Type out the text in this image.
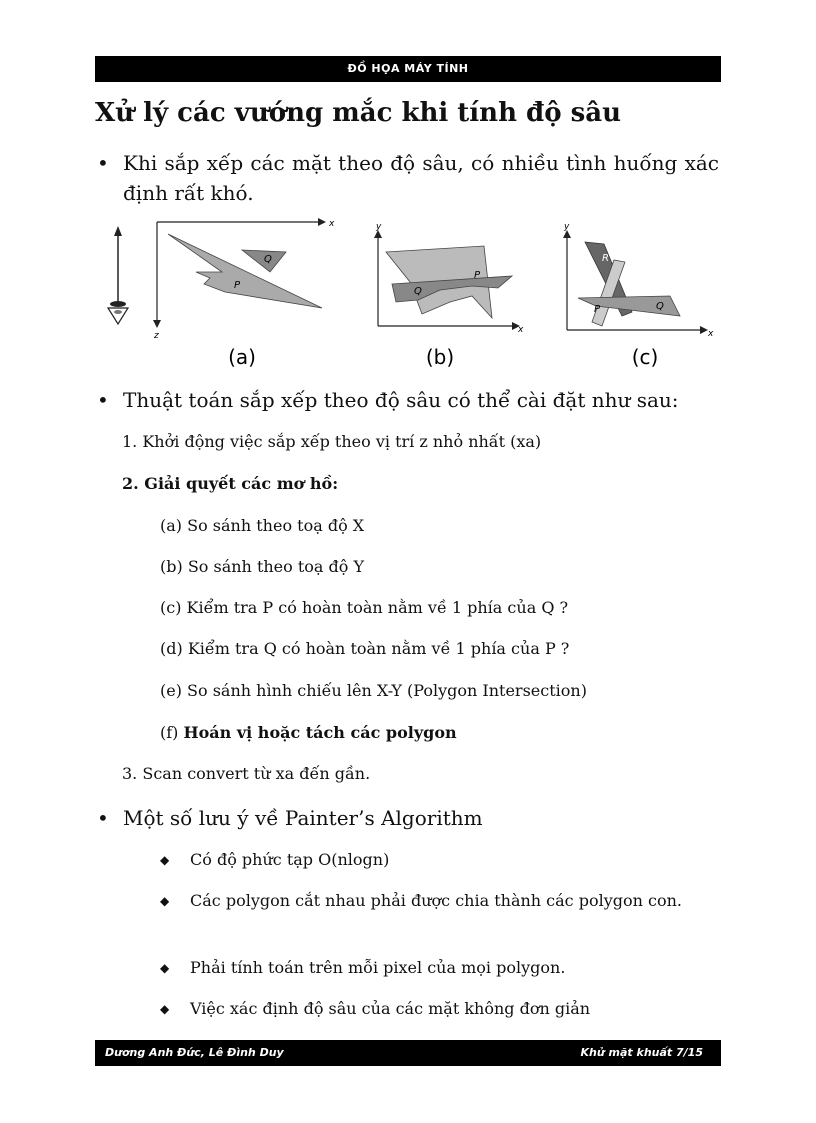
ĐỒ HỌA MÁY TÍNH
Xử lý các vướng mắc khi tính độ sâu
• Khi sắp xếp các mặt theo độ sâu, có nhiều tình huống xác định rất khó.
x
z
P
Q
y
x
P
Q
y
x
R
P	Q
(a)	(b)	(c)
• Thuật toán sắp xếp theo độ sâu có thể cài đặt như sau:
1. Khởi động việc sắp xếp theo vị trí z nhỏ nhất (xa)
2. Giải quyết các mơ hồ:
(a) So sánh theo toạ độ X
(b) So sánh theo toạ độ Y
(c) Kiểm tra P có hoàn toàn nằm về 1 phía của Q ?
(d) Kiểm tra Q có hoàn toàn nằm về 1 phía của P ?
(e) So sánh hình chiếu lên X-Y (Polygon Intersection)
(f) Hoán vị hoặc tách các polygon
3. Scan convert từ xa đến gần.
• Một số lưu ý về Painter’s Algorithm
◆ Có độ phức tạp O(nlogn)
◆ Các polygon cắt nhau phải được chia thành các polygon con.
◆ Phải tính toán trên mỗi pixel của mọi polygon.
◆ Việc xác định độ sâu của các mặt không đơn giản
Dương Anh Đức, Lê Đình Duy	Khử mặt khuất 7/15
